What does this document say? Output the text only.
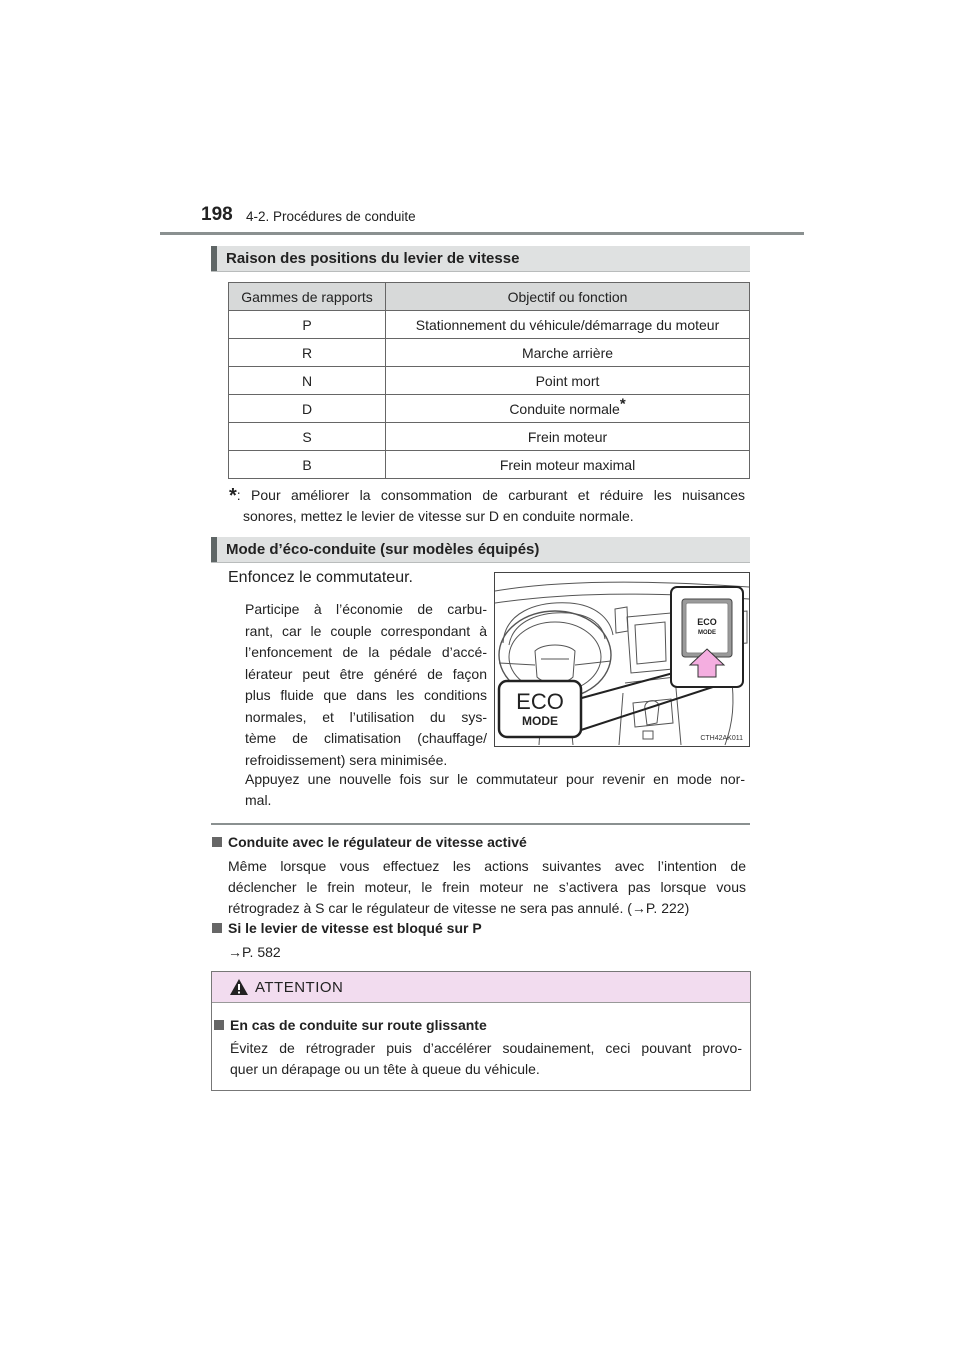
198 4-2. Procédures de conduite
Raison des positions du levier de vitesse
Gammes de rapports	Objectif ou fonction
P	Stationnement du véhicule/démarrage du moteur
R	Marche arrière
N	Point mort
D	Conduite normale*
S	Frein moteur
B	Frein moteur maximal
*: Pour améliorer la consommation de carburant et réduire les nuisances
sonores, mettez le levier de vitesse sur D en conduite normale.
Mode d’éco-conduite (sur modèles équipés)
Enfoncez le commutateur.
Participe à l’économie de carbu-
rant, car le couple correspondant à
l’enfoncement de la pédale d’accé-
lérateur peut être généré de façon
plus fluide que dans les conditions
normales, et l’utilisation du sys-
tème de climatisation (chauffage/
refroidissement) sera minimisée.
ECO
MODE
ECO
MODE
CTH42AK011
Appuyez une nouvelle fois sur le commutateur pour revenir en mode nor-
mal.
Conduite avec le régulateur de vitesse activé
Même lorsque vous effectuez les actions suivantes avec l’intention de
déclencher le frein moteur, le frein moteur ne s’activera pas lorsque vous
rétrogradez à S car le régulateur de vitesse ne sera pas annulé. (→P. 222)
Si le levier de vitesse est bloqué sur P
→P. 582
ATTENTION
En cas de conduite sur route glissante
Évitez de rétrograder puis d’accélérer soudainement, ceci pouvant provo-
quer un dérapage ou un tête à queue du véhicule.
